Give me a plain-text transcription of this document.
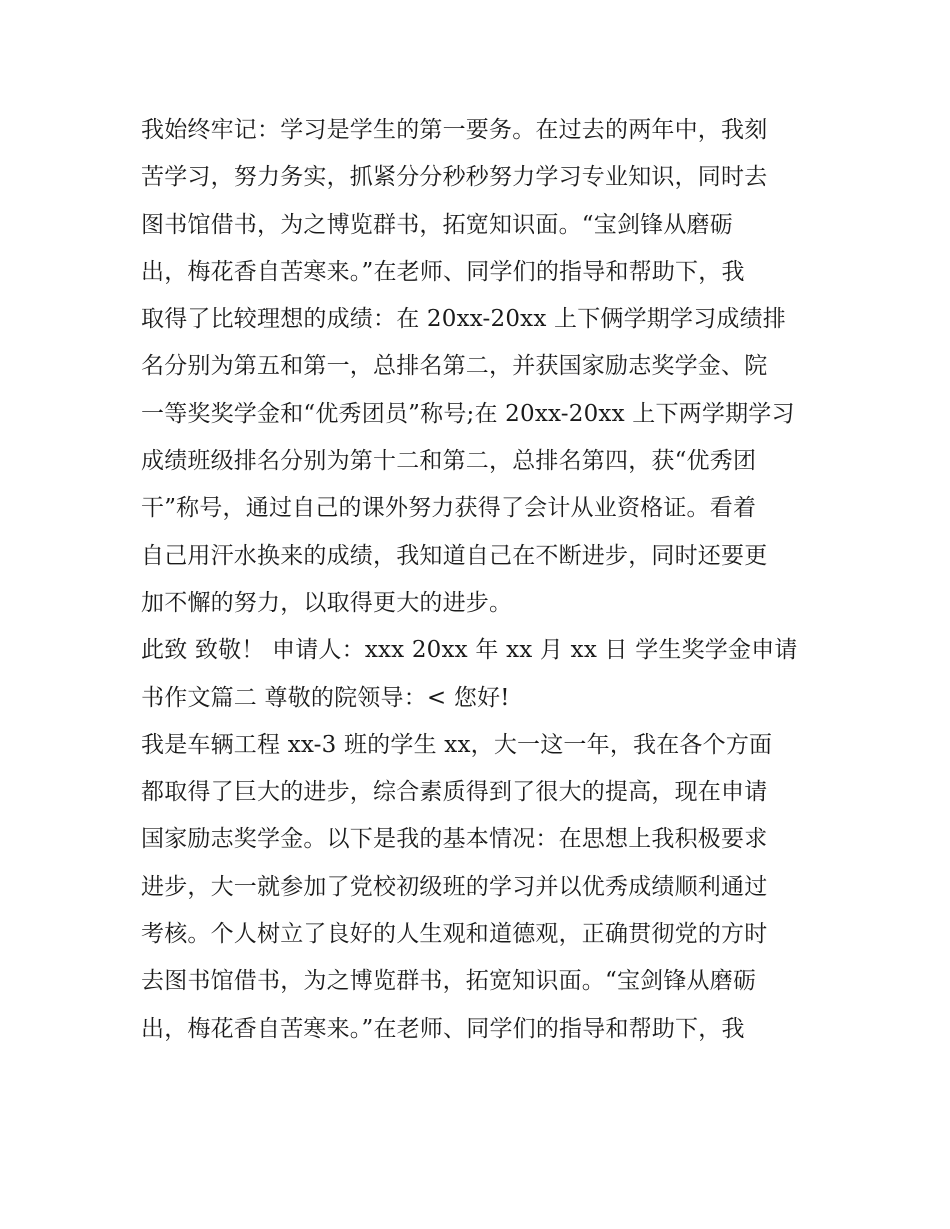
我始终牢记：学习是学生的第一要务。在过去的两年中，我刻
苦学习，努力务实，抓紧分分秒秒努力学习专业知识，同时去
图书馆借书，为之博览群书，拓宽知识面。“宝剑锋从磨砺
出，梅花香自苦寒来。”在老师、同学们的指导和帮助下，我
取得了比较理想的成绩：在 20xx-20xx 上下俩学期学习成绩排
名分别为第五和第一，总排名第二，并获国家励志奖学金、院
一等奖奖学金和“优秀团员”称号;在 20xx-20xx 上下两学期学习
成绩班级排名分别为第十二和第二，总排名第四，获“优秀团
干”称号，通过自己的课外努力获得了会计从业资格证。看着
自己用汗水换来的成绩，我知道自己在不断进步，同时还要更
加不懈的努力，以取得更大的进步。
此致 致敬！ 申请人：xxx 20xx 年 xx 月 xx 日 学生奖学金申请
书作文篇二 尊敬的院领导：< 您好!
我是车辆工程 xx-3 班的学生 xx，大一这一年，我在各个方面
都取得了巨大的进步，综合素质得到了很大的提高，现在申请
国家励志奖学金。以下是我的基本情况：在思想上我积极要求
进步，大一就参加了党校初级班的学习并以优秀成绩顺利通过
考核。个人树立了良好的人生观和道德观，正确贯彻党的方时
去图书馆借书，为之博览群书，拓宽知识面。“宝剑锋从磨砺
出，梅花香自苦寒来。”在老师、同学们的指导和帮助下，我
